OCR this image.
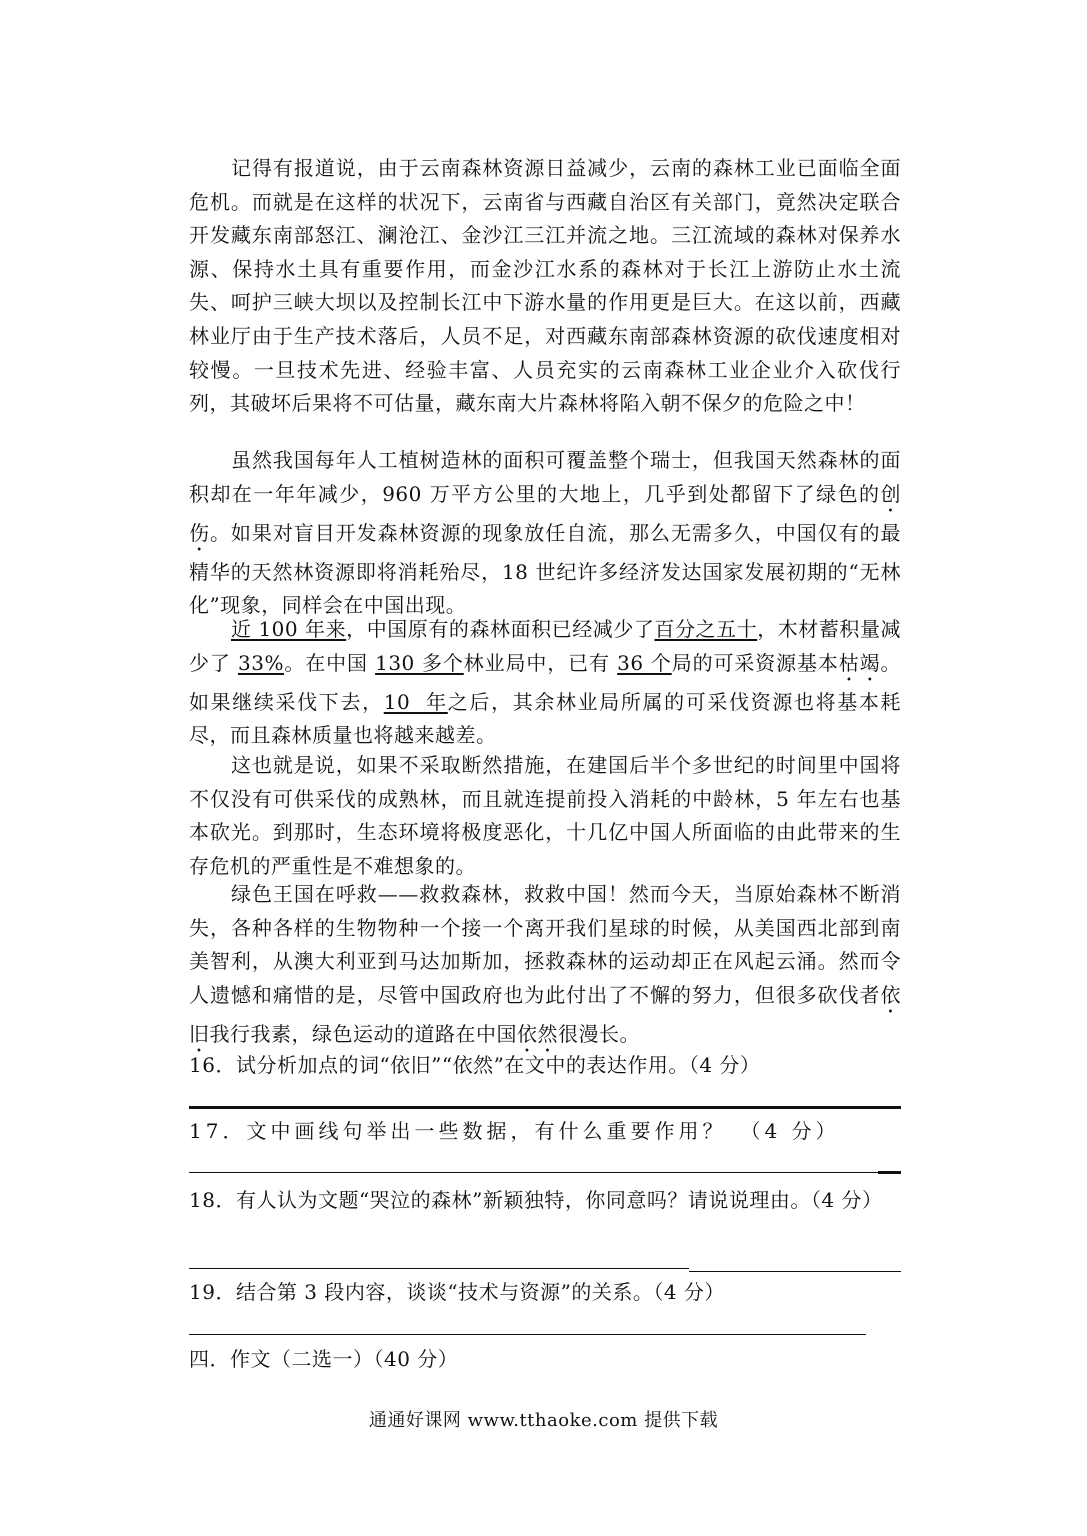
记得有报道说，由于云南森林资源日益减少，云南的森林工业已面临全面危机。而就是在这样的状况下，云南省与西藏自治区有关部门，竟然决定联合开发藏东南部怒江、澜沧江、金沙江三江并流之地。三江流域的森林对保养水源、保持水土具有重要作用，而金沙江水系的森林对于长江上游防止水土流失、呵护三峡大坝以及控制长江中下游水量的作用更是巨大。在这以前，西藏林业厅由于生产技术落后，人员不足，对西藏东南部森林资源的砍伐速度相对较慢。一旦技术先进、经验丰富、人员充实的云南森林工业企业介入砍伐行列，其破坏后果将不可估量，藏东南大片森林将陷入朝不保夕的危险之中！

虽然我国每年人工植树造林的面积可覆盖整个瑞士，但我国天然森林的面积却在一年年减少，960 万平方公里的大地上，几乎到处都留下了绿色的创伤。如果对盲目开发森林资源的现象放任自流，那么无需多久，中国仅有的最精华的天然林资源即将消耗殆尽，18 世纪许多经济发达国家发展初期的“无林化”现象，同样会在中国出现。

近 100 年来，中国原有的森林面积已经减少了百分之五十，木材蓄积量减少了 33%。在中国 130 多个林业局中，已有 36 个局的可采资源基本枯竭。如果继续采伐下去，10  年之后，其余林业局所属的可采伐资源也将基本耗尽，而且森林质量也将越来越差。

这也就是说，如果不采取断然措施，在建国后半个多世纪的时间里中国将不仅没有可供采伐的成熟林，而且就连提前投入消耗的中龄林，5 年左右也基本砍光。到那时，生态环境将极度恶化，十几亿中国人所面临的由此带来的生存危机的严重性是不难想象的。

绿色王国在呼救——救救森林，救救中国！然而今天，当原始森林不断消失，各种各样的生物物种一个接一个离开我们星球的时候，从美国西北部到南美智利，从澳大利亚到马达加斯加，拯救森林的运动却正在风起云涌。然而令人遗憾和痛惜的是，尽管中国政府也为此付出了不懈的努力，但很多砍伐者依旧我行我素，绿色运动的道路在中国依然很漫长。

16．试分析加点的词“依旧”“依然”在文中的表达作用。（4 分）

17．文中画线句举出一些数据，有什么重要作用？　（4 分）

18．有人认为文题“哭泣的森林”新颖独特，你同意吗？请说说理由。（4 分）

19．结合第 3 段内容，谈谈“技术与资源”的关系。（4 分）

四．作文（二选一）（40 分）

通通好课网 www.tthaoke.com 提供下载
